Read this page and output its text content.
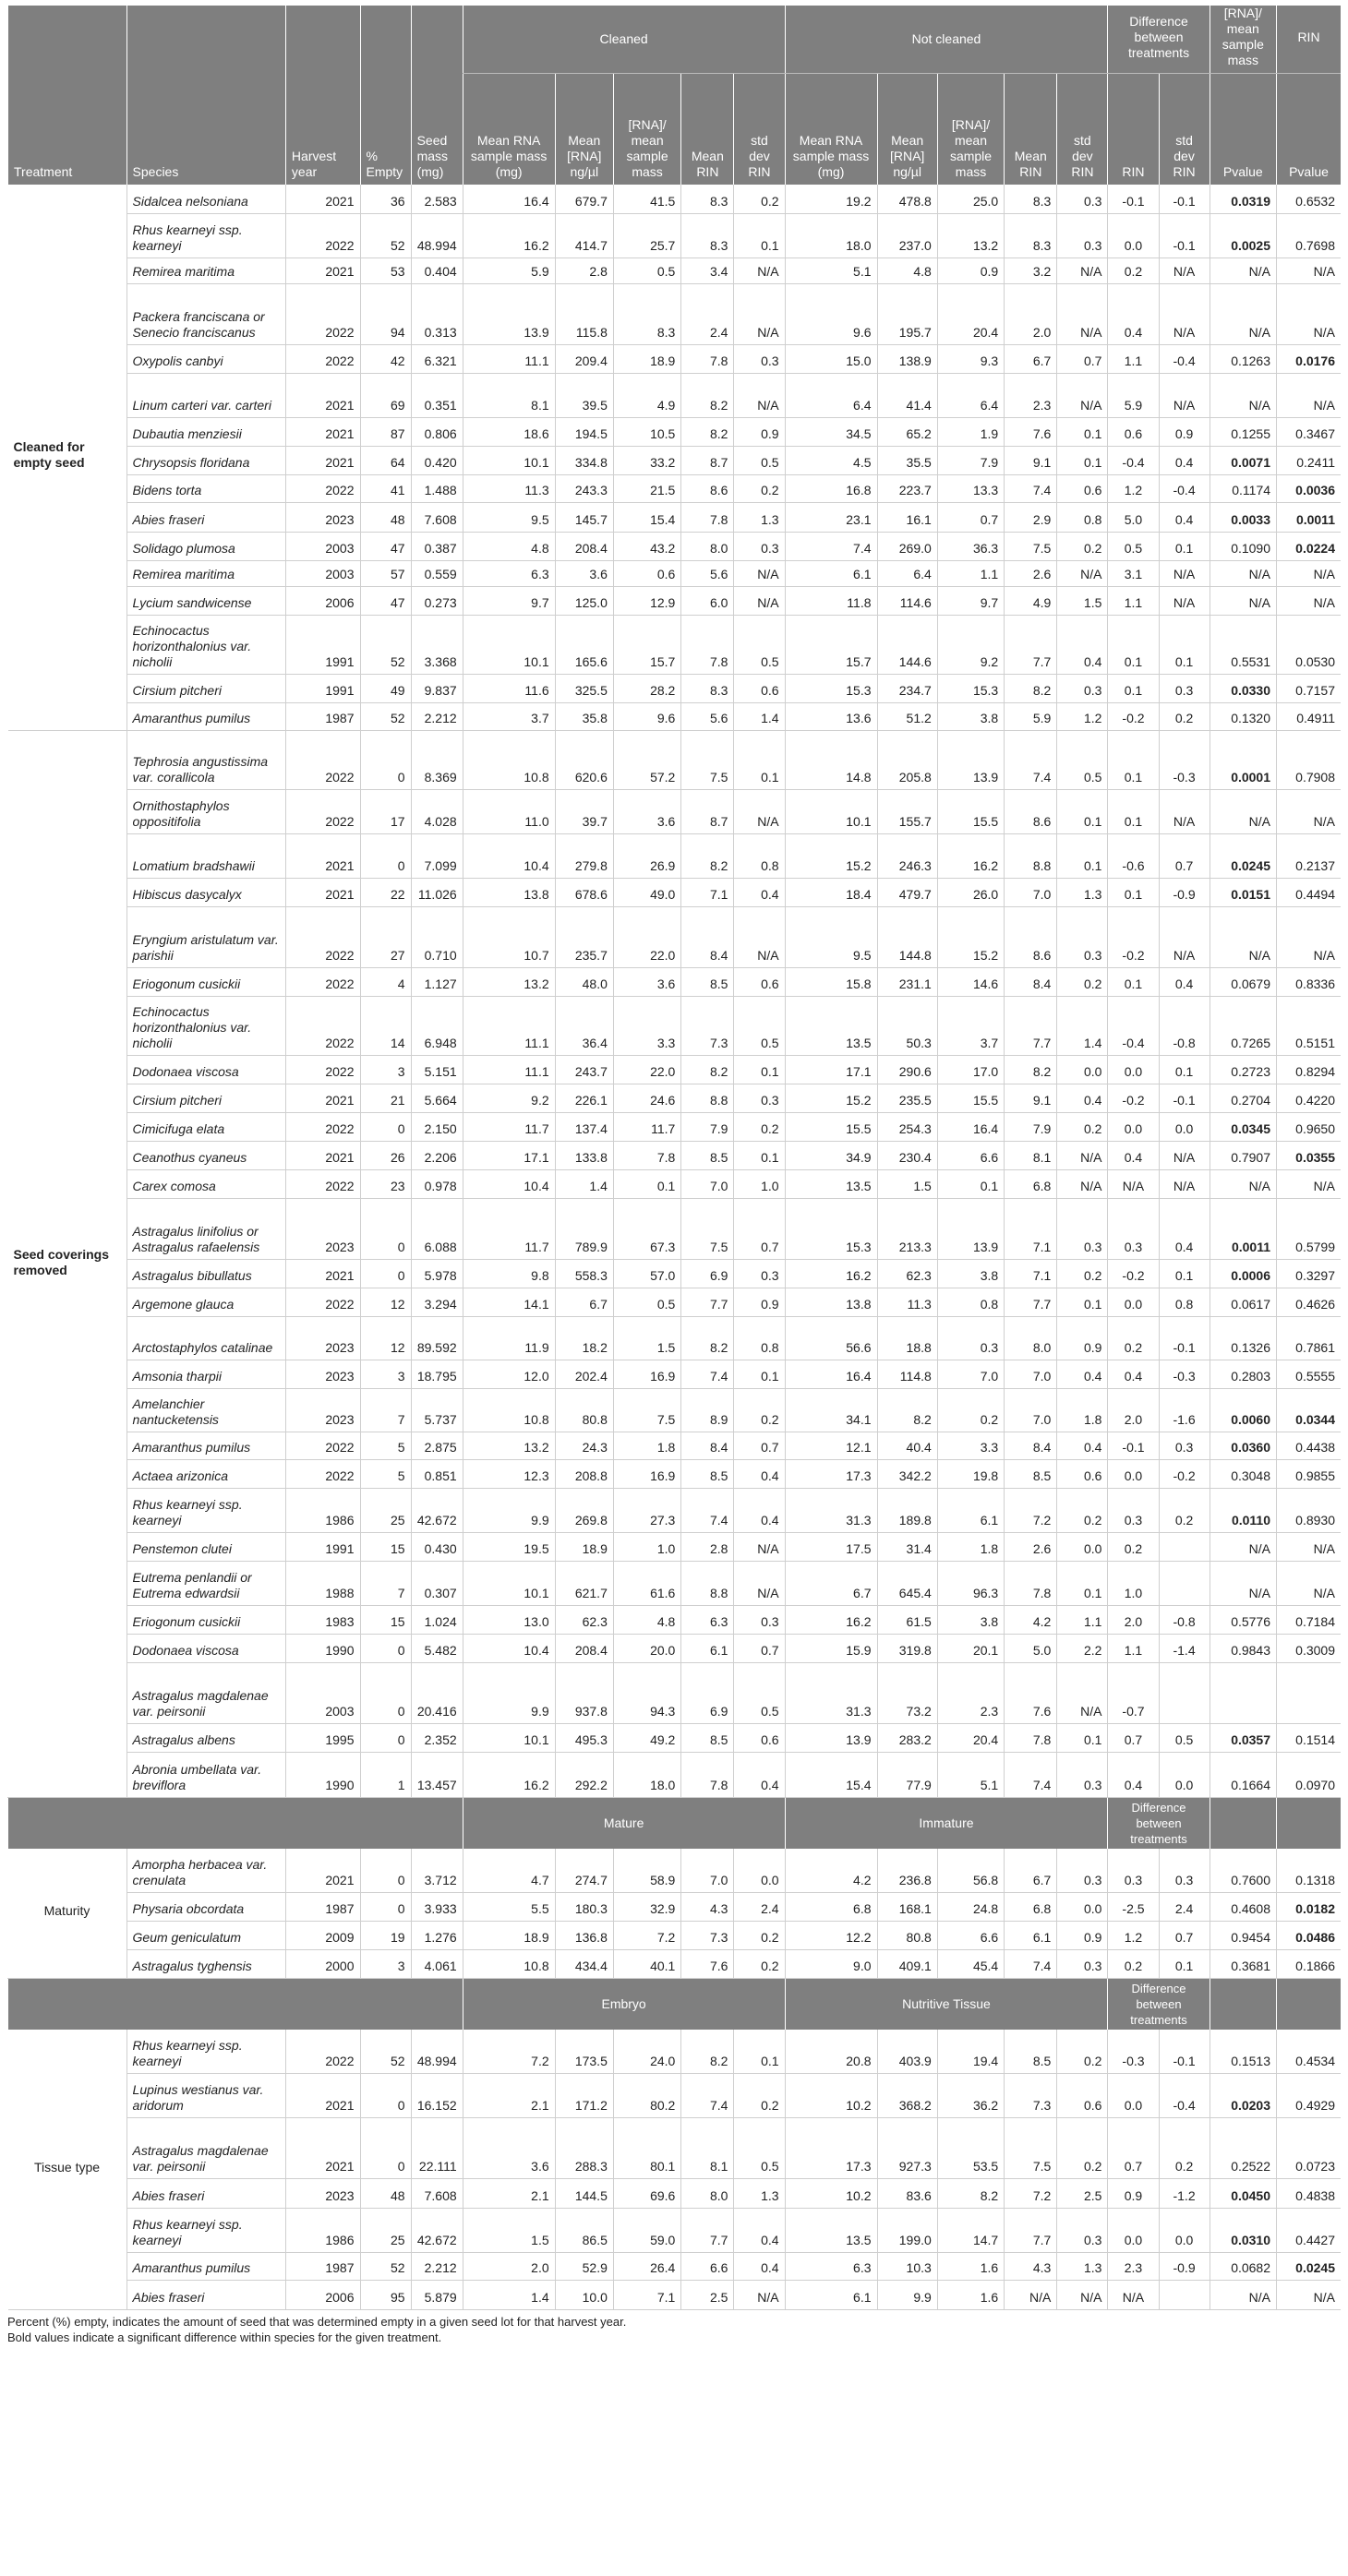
Treatment	Species	Harvest year	% Empty	Seed mass (mg)	Cleaned					Not cleaned					Difference between treatments		[RNA]/ mean sample mass	RIN
					Mean RNA sample mass (mg)	Mean [RNA] ng/µl	[RNA]/ mean sample mass	Mean RIN	std dev RIN	Mean RNA sample mass (mg)	Mean [RNA] ng/µl	[RNA]/ mean sample mass	Mean RIN	std dev RIN	RIN	std dev RIN	Pvalue	Pvalue
Cleaned for empty seed	Sidalcea nelsoniana	2021	36	2.583	16.4	679.7	41.5	8.3	0.2	19.2	478.8	25.0	8.3	0.3	-0.1	-0.1	0.0319	0.6532
	Rhus kearneyi ssp. kearneyi	2022	52	48.994	16.2	414.7	25.7	8.3	0.1	18.0	237.0	13.2	8.3	0.3	0.0	-0.1	0.0025	0.7698
	Remirea maritima	2021	53	0.404	5.9	2.8	0.5	3.4	N/A	5.1	4.8	0.9	3.2	N/A	0.2	N/A	N/A	N/A
	Packera franciscana or Senecio franciscanus	2022	94	0.313	13.9	115.8	8.3	2.4	N/A	9.6	195.7	20.4	2.0	N/A	0.4	N/A	N/A	N/A
	Oxypolis canbyi	2022	42	6.321	11.1	209.4	18.9	7.8	0.3	15.0	138.9	9.3	6.7	0.7	1.1	-0.4	0.1263	0.0176
	Linum carteri var. carteri	2021	69	0.351	8.1	39.5	4.9	8.2	N/A	6.4	41.4	6.4	2.3	N/A	5.9	N/A	N/A	N/A
	Dubautia menziesii	2021	87	0.806	18.6	194.5	10.5	8.2	0.9	34.5	65.2	1.9	7.6	0.1	0.6	0.9	0.1255	0.3467
	Chrysopsis floridana	2021	64	0.420	10.1	334.8	33.2	8.7	0.5	4.5	35.5	7.9	9.1	0.1	-0.4	0.4	0.0071	0.2411
	Bidens torta	2022	41	1.488	11.3	243.3	21.5	8.6	0.2	16.8	223.7	13.3	7.4	0.6	1.2	-0.4	0.1174	0.0036
	Abies fraseri	2023	48	7.608	9.5	145.7	15.4	7.8	1.3	23.1	16.1	0.7	2.9	0.8	5.0	0.4	0.0033	0.0011
	Solidago plumosa	2003	47	0.387	4.8	208.4	43.2	8.0	0.3	7.4	269.0	36.3	7.5	0.2	0.5	0.1	0.1090	0.0224
	Remirea maritima	2003	57	0.559	6.3	3.6	0.6	5.6	N/A	6.1	6.4	1.1	2.6	N/A	3.1	N/A	N/A	N/A
	Lycium sandwicense	2006	47	0.273	9.7	125.0	12.9	6.0	N/A	11.8	114.6	9.7	4.9	1.5	1.1	N/A	N/A	N/A
	Echinocactus horizonthalonius var. nicholii	1991	52	3.368	10.1	165.6	15.7	7.8	0.5	15.7	144.6	9.2	7.7	0.4	0.1	0.1	0.5531	0.0530
	Cirsium pitcheri	1991	49	9.837	11.6	325.5	28.2	8.3	0.6	15.3	234.7	15.3	8.2	0.3	0.1	0.3	0.0330	0.7157
	Amaranthus pumilus	1987	52	2.212	3.7	35.8	9.6	5.6	1.4	13.6	51.2	3.8	5.9	1.2	-0.2	0.2	0.1320	0.4911
Seed coverings removed	Tephrosia angustissima var. corallicola	2022	0	8.369	10.8	620.6	57.2	7.5	0.1	14.8	205.8	13.9	7.4	0.5	0.1	-0.3	0.0001	0.7908
	Ornithostaphylos oppositifolia	2022	17	4.028	11.0	39.7	3.6	8.7	N/A	10.1	155.7	15.5	8.6	0.1	0.1	N/A	N/A	N/A
	Lomatium bradshawii	2021	0	7.099	10.4	279.8	26.9	8.2	0.8	15.2	246.3	16.2	8.8	0.1	-0.6	0.7	0.0245	0.2137
	Hibiscus dasycalyx	2021	22	11.026	13.8	678.6	49.0	7.1	0.4	18.4	479.7	26.0	7.0	1.3	0.1	-0.9	0.0151	0.4494
	Eryngium aristulatum var. parishii	2022	27	0.710	10.7	235.7	22.0	8.4	N/A	9.5	144.8	15.2	8.6	0.3	-0.2	N/A	N/A	N/A
	Eriogonum cusickii	2022	4	1.127	13.2	48.0	3.6	8.5	0.6	15.8	231.1	14.6	8.4	0.2	0.1	0.4	0.0679	0.8336
	Echinocactus horizonthalonius var. nicholii	2022	14	6.948	11.1	36.4	3.3	7.3	0.5	13.5	50.3	3.7	7.7	1.4	-0.4	-0.8	0.7265	0.5151
	Dodonaea viscosa	2022	3	5.151	11.1	243.7	22.0	8.2	0.1	17.1	290.6	17.0	8.2	0.0	0.0	0.1	0.2723	0.8294
	Cirsium pitcheri	2021	21	5.664	9.2	226.1	24.6	8.8	0.3	15.2	235.5	15.5	9.1	0.4	-0.2	-0.1	0.2704	0.4220
	Cimicifuga elata	2022	0	2.150	11.7	137.4	11.7	7.9	0.2	15.5	254.3	16.4	7.9	0.2	0.0	0.0	0.0345	0.9650
	Ceanothus cyaneus	2021	26	2.206	17.1	133.8	7.8	8.5	0.1	34.9	230.4	6.6	8.1	N/A	0.4	N/A	0.7907	0.0355
	Carex comosa	2022	23	0.978	10.4	1.4	0.1	7.0	1.0	13.5	1.5	0.1	6.8	N/A	N/A	N/A	N/A	N/A
	Astragalus linifolius or Astragalus rafaelensis	2023	0	6.088	11.7	789.9	67.3	7.5	0.7	15.3	213.3	13.9	7.1	0.3	0.3	0.4	0.0011	0.5799
	Astragalus bibullatus	2021	0	5.978	9.8	558.3	57.0	6.9	0.3	16.2	62.3	3.8	7.1	0.2	-0.2	0.1	0.0006	0.3297
	Argemone glauca	2022	12	3.294	14.1	6.7	0.5	7.7	0.9	13.8	11.3	0.8	7.7	0.1	0.0	0.8	0.0617	0.4626
	Arctostaphylos catalinae	2023	12	89.592	11.9	18.2	1.5	8.2	0.8	56.6	18.8	0.3	8.0	0.9	0.2	-0.1	0.1326	0.7861
	Amsonia tharpii	2023	3	18.795	12.0	202.4	16.9	7.4	0.1	16.4	114.8	7.0	7.0	0.4	0.4	-0.3	0.2803	0.5555
	Amelanchier nantucketensis	2023	7	5.737	10.8	80.8	7.5	8.9	0.2	34.1	8.2	0.2	7.0	1.8	2.0	-1.6	0.0060	0.0344
	Amaranthus pumilus	2022	5	2.875	13.2	24.3	1.8	8.4	0.7	12.1	40.4	3.3	8.4	0.4	-0.1	0.3	0.0360	0.4438
	Actaea arizonica	2022	5	0.851	12.3	208.8	16.9	8.5	0.4	17.3	342.2	19.8	8.5	0.6	0.0	-0.2	0.3048	0.9855
	Rhus kearneyi ssp. kearneyi	1986	25	42.672	9.9	269.8	27.3	7.4	0.4	31.3	189.8	6.1	7.2	0.2	0.3	0.2	0.0110	0.8930
	Penstemon clutei	1991	15	0.430	19.5	18.9	1.0	2.8	N/A	17.5	31.4	1.8	2.6	0.0	0.2		N/A	N/A
	Eutrema penlandii or Eutrema edwardsii	1988	7	0.307	10.1	621.7	61.6	8.8	N/A	6.7	645.4	96.3	7.8	0.1	1.0		N/A	N/A
	Eriogonum cusickii	1983	15	1.024	13.0	62.3	4.8	6.3	0.3	16.2	61.5	3.8	4.2	1.1	2.0	-0.8	0.5776	0.7184
	Dodonaea viscosa	1990	0	5.482	10.4	208.4	20.0	6.1	0.7	15.9	319.8	20.1	5.0	2.2	1.1	-1.4	0.9843	0.3009
	Astragalus magdalenae var. peirsonii	2003	0	20.416	9.9	937.8	94.3	6.9	0.5	31.3	73.2	2.3	7.6	N/A	-0.7			
	Astragalus albens	1995	0	2.352	10.1	495.3	49.2	8.5	0.6	13.9	283.2	20.4	7.8	0.1	0.7	0.5	0.0357	0.1514
	Abronia umbellata var. breviflora	1990	1	13.457	16.2	292.2	18.0	7.8	0.4	15.4	77.9	5.1	7.4	0.3	0.4	0.0	0.1664	0.0970
					Mature					Immature					Difference between treatments			
Maturity	Amorpha herbacea var. crenulata	2021	0	3.712	4.7	274.7	58.9	7.0	0.0	4.2	236.8	56.8	6.7	0.3	0.3	0.3	0.7600	0.1318
	Physaria obcordata	1987	0	3.933	5.5	180.3	32.9	4.3	2.4	6.8	168.1	24.8	6.8	0.0	-2.5	2.4	0.4608	0.0182
	Geum geniculatum	2009	19	1.276	18.9	136.8	7.2	7.3	0.2	12.2	80.8	6.6	6.1	0.9	1.2	0.7	0.9454	0.0486
	Astragalus tyghensis	2000	3	4.061	10.8	434.4	40.1	7.6	0.2	9.0	409.1	45.4	7.4	0.3	0.2	0.1	0.3681	0.1866
					Embryo					Nutritive Tissue					Difference between treatments			
Tissue type	Rhus kearneyi ssp. kearneyi	2022	52	48.994	7.2	173.5	24.0	8.2	0.1	20.8	403.9	19.4	8.5	0.2	-0.3	-0.1	0.1513	0.4534
	Lupinus westianus var. aridorum	2021	0	16.152	2.1	171.2	80.2	7.4	0.2	10.2	368.2	36.2	7.3	0.6	0.0	-0.4	0.0203	0.4929
	Astragalus magdalenae var. peirsonii	2021	0	22.111	3.6	288.3	80.1	8.1	0.5	17.3	927.3	53.5	7.5	0.2	0.7	0.2	0.2522	0.0723
	Abies fraseri	2023	48	7.608	2.1	144.5	69.6	8.0	1.3	10.2	83.6	8.2	7.2	2.5	0.9	-1.2	0.0450	0.4838
	Rhus kearneyi ssp. kearneyi	1986	25	42.672	1.5	86.5	59.0	7.7	0.4	13.5	199.0	14.7	7.7	0.3	0.0	0.0	0.0310	0.4427
	Amaranthus pumilus	1987	52	2.212	2.0	52.9	26.4	6.6	0.4	6.3	10.3	1.6	4.3	1.3	2.3	-0.9	0.0682	0.0245
	Abies fraseri	2006	95	5.879	1.4	10.0	7.1	2.5	N/A	6.1	9.9	1.6	N/A	N/A	N/A		N/A	N/A
Percent (%) empty, indicates the amount of seed that was determined empty in a given seed lot for that harvest year.
Bold values indicate a significant difference within species for the given treatment.
